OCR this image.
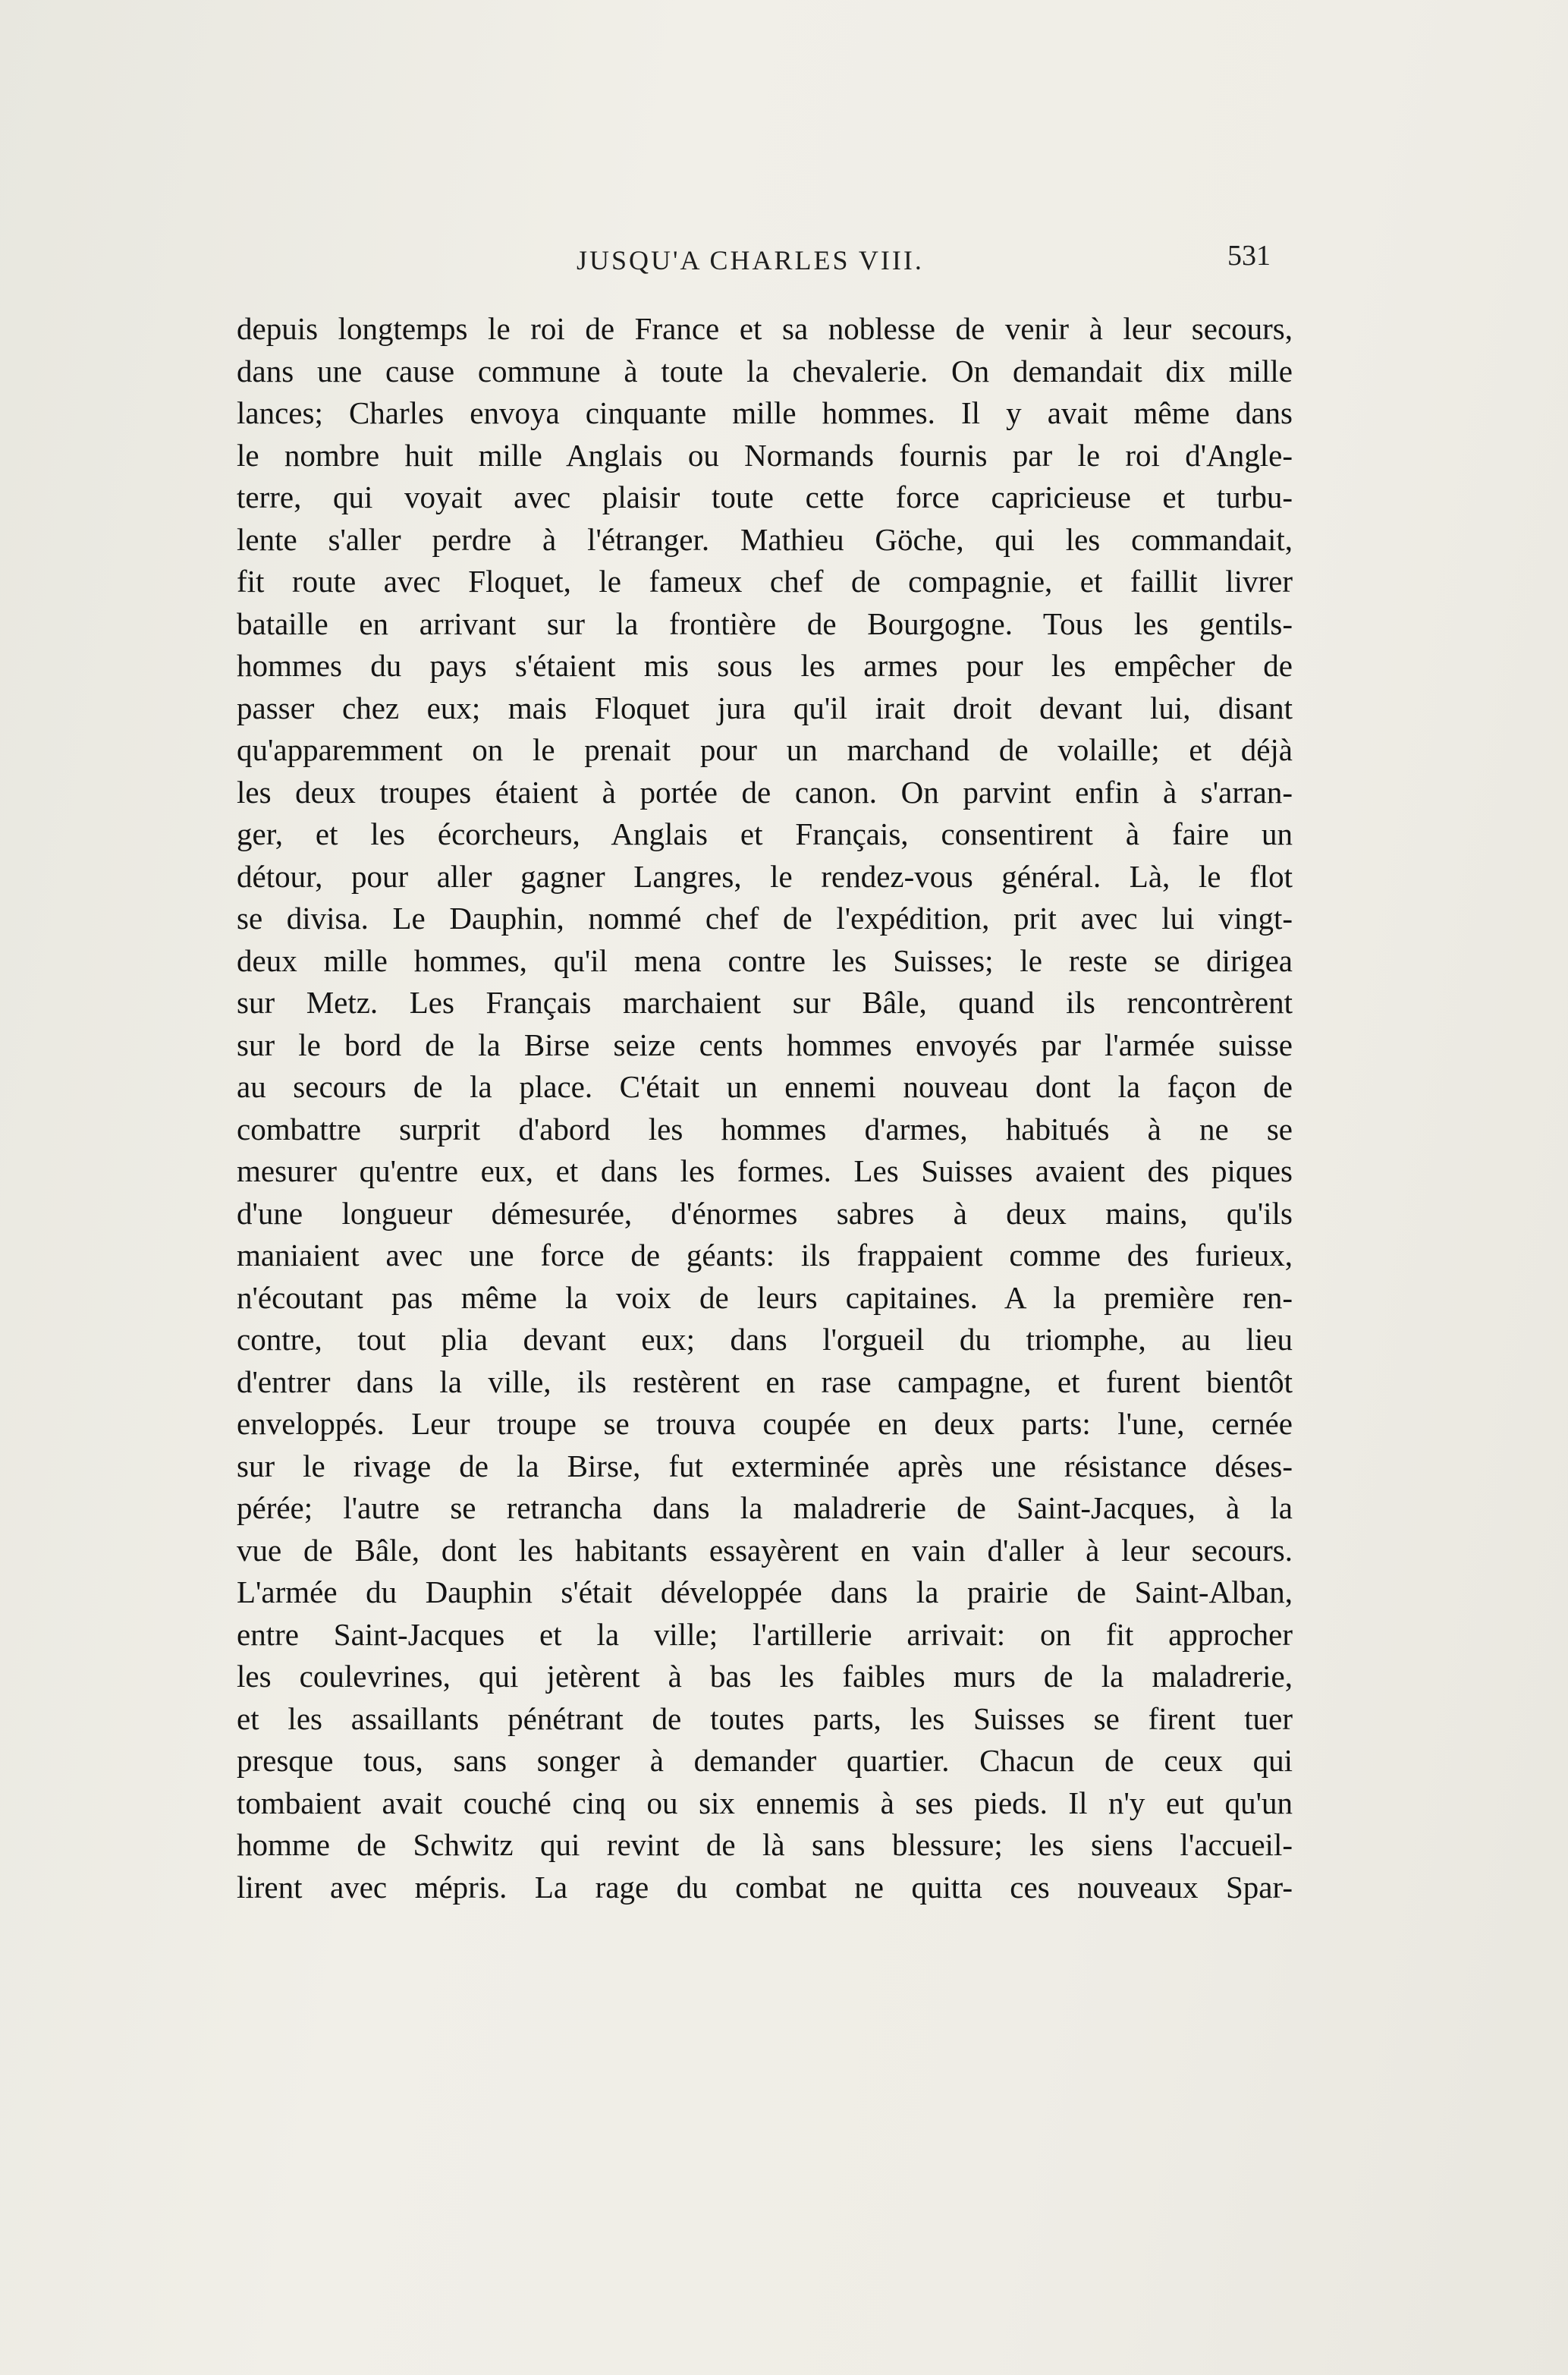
JUSQU'A CHARLES VIII.	531
depuis longtemps le roi de France et sa noblesse de venir à leur secours,
dans une cause commune à toute la chevalerie. On demandait dix mille
lances; Charles envoya cinquante mille hommes. Il y avait même dans
le nombre huit mille Anglais ou Normands fournis par le roi d'Angle-
terre, qui voyait avec plaisir toute cette force capricieuse et turbu-
lente s'aller perdre à l'étranger. Mathieu Göche, qui les commandait,
fit route avec Floquet, le fameux chef de compagnie, et faillit livrer
bataille en arrivant sur la frontière de Bourgogne. Tous les gentils-
hommes du pays s'étaient mis sous les armes pour les empêcher de
passer chez eux; mais Floquet jura qu'il irait droit devant lui, disant
qu'apparemment on le prenait pour un marchand de volaille; et déjà
les deux troupes étaient à portée de canon. On parvint enfin à s'arran-
ger, et les écorcheurs, Anglais et Français, consentirent à faire un
détour, pour aller gagner Langres, le rendez-vous général. Là, le flot
se divisa. Le Dauphin, nommé chef de l'expédition, prit avec lui vingt-
deux mille hommes, qu'il mena contre les Suisses; le reste se dirigea
sur Metz. Les Français marchaient sur Bâle, quand ils rencontrèrent
sur le bord de la Birse seize cents hommes envoyés par l'armée suisse
au secours de la place. C'était un ennemi nouveau dont la façon de
combattre surprit d'abord les hommes d'armes, habitués à ne se
mesurer qu'entre eux, et dans les formes. Les Suisses avaient des piques
d'une longueur démesurée, d'énormes sabres à deux mains, qu'ils
maniaient avec une force de géants: ils frappaient comme des furieux,
n'écoutant pas même la voix de leurs capitaines. A la première ren-
contre, tout plia devant eux; dans l'orgueil du triomphe, au lieu
d'entrer dans la ville, ils restèrent en rase campagne, et furent bientôt
enveloppés. Leur troupe se trouva coupée en deux parts: l'une, cernée
sur le rivage de la Birse, fut exterminée après une résistance déses-
pérée; l'autre se retrancha dans la maladrerie de Saint-Jacques, à la
vue de Bâle, dont les habitants essayèrent en vain d'aller à leur secours.
L'armée du Dauphin s'était développée dans la prairie de Saint-Alban,
entre Saint-Jacques et la ville; l'artillerie arrivait: on fit approcher
les coulevrines, qui jetèrent à bas les faibles murs de la maladrerie,
et les assaillants pénétrant de toutes parts, les Suisses se firent tuer
presque tous, sans songer à demander quartier. Chacun de ceux qui
tombaient avait couché cinq ou six ennemis à ses pieds. Il n'y eut qu'un
homme de Schwitz qui revint de là sans blessure; les siens l'accueil-
lirent avec mépris. La rage du combat ne quitta ces nouveaux Spar-
